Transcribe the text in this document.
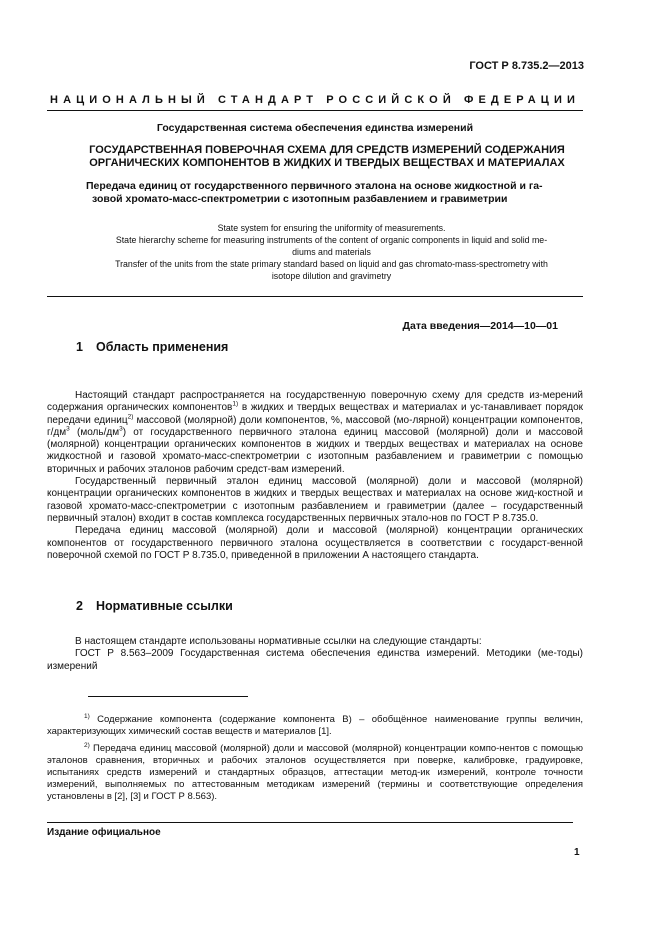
ГОСТ Р 8.735.2—2013
НАЦИОНАЛЬНЫЙ СТАНДАРТ РОССИЙСКОЙ ФЕДЕРАЦИИ
Государственная система обеспечения единства измерений
ГОСУДАРСТВЕННАЯ ПОВЕРОЧНАЯ СХЕМА ДЛЯ СРЕДСТВ ИЗМЕРЕНИЙ СОДЕРЖАНИЯ
ОРГАНИЧЕСКИХ КОМПОНЕНТОВ В ЖИДКИХ И ТВЕРДЫХ ВЕЩЕСТВАХ И МАТЕРИАЛАХ
Передача единиц от государственного первичного эталона на основе жидкостной и га-
зовой хромато-масс-спектрометрии с изотопным разбавлением и гравиметрии
State system for ensuring the uniformity of measurements.
State hierarchy scheme for measuring instruments of the content of organic components in liquid and solid me-
diums and materials
Transfer of the units from the state primary standard based on liquid and gas chromato-mass-spectrometry with
isotope dilution and gravimetry
Дата введения—2014—10—01
1 Область применения

Настоящий стандарт распространяется на государственную поверочную схему для средств из-мерений содержания органических компонентов$^{1)}$ в жидких и твердых веществах и материалах и ус-танавливает порядок передачи единиц$^{2)}$ массовой (молярной) доли компонентов, %, массовой (мо-лярной) концентрации компонентов, $г/дм^3$ $(моль/дм^3)$ от государственного первичного эталона единиц массовой (молярной) доли и массовой (молярной) концентрации органических компонентов в жидких и твердых веществах и материалах на основе жидкостной и газовой хромато-масс-спектрометрии с изотопным разбавлением и гравиметрии с помощью вторичных и рабочих эталонов рабочим средст-вам измерений.

Государственный первичный эталон единиц массовой (молярной) доли и массовой (молярной) концентрации органических компонентов в жидких и твердых веществах и материалах на основе жид-костной и газовой хромато-масс-спектрометрии с изотопным разбавлением и гравиметрии (далее – государственный первичный эталон) входит в состав комплекса государственных первичных этало-нов по ГОСТ Р 8.735.0.

Передача единиц массовой (молярной) доли и массовой (молярной) концентрации органических компонентов от государственного первичного эталона осуществляется в соответствии с государст-венной поверочной схемой по ГОСТ Р 8.735.0, приведенной в приложении А настоящего стандарта.

2 Нормативные ссылки

В настоящем стандарте использованы нормативные ссылки на следующие стандарты:

ГОСТ Р 8.563–2009 Государственная система обеспечения единства измерений. Методики (ме-тоды) измерений

$^{1)}$ Содержание компонента (содержание компонента В) – обобщённое наименование группы величин, характеризующих химический состав веществ и материалов [1].

$^{2)}$ Передача единиц массовой (молярной) доли и массовой (молярной) концентрации компо-нентов с помощью эталонов сравнения, вторичных и рабочих эталонов осуществляется при поверке, калибровке, градуировке, испытаниях средств измерений и стандартных образцов, аттестации метод-ик измерений, контроле точности измерений, выполняемых по аттестованным методикам измерений (термины и соответствующие определения установлены в [2], [3] и ГОСТ Р 8.563).

Издание официальное
1
